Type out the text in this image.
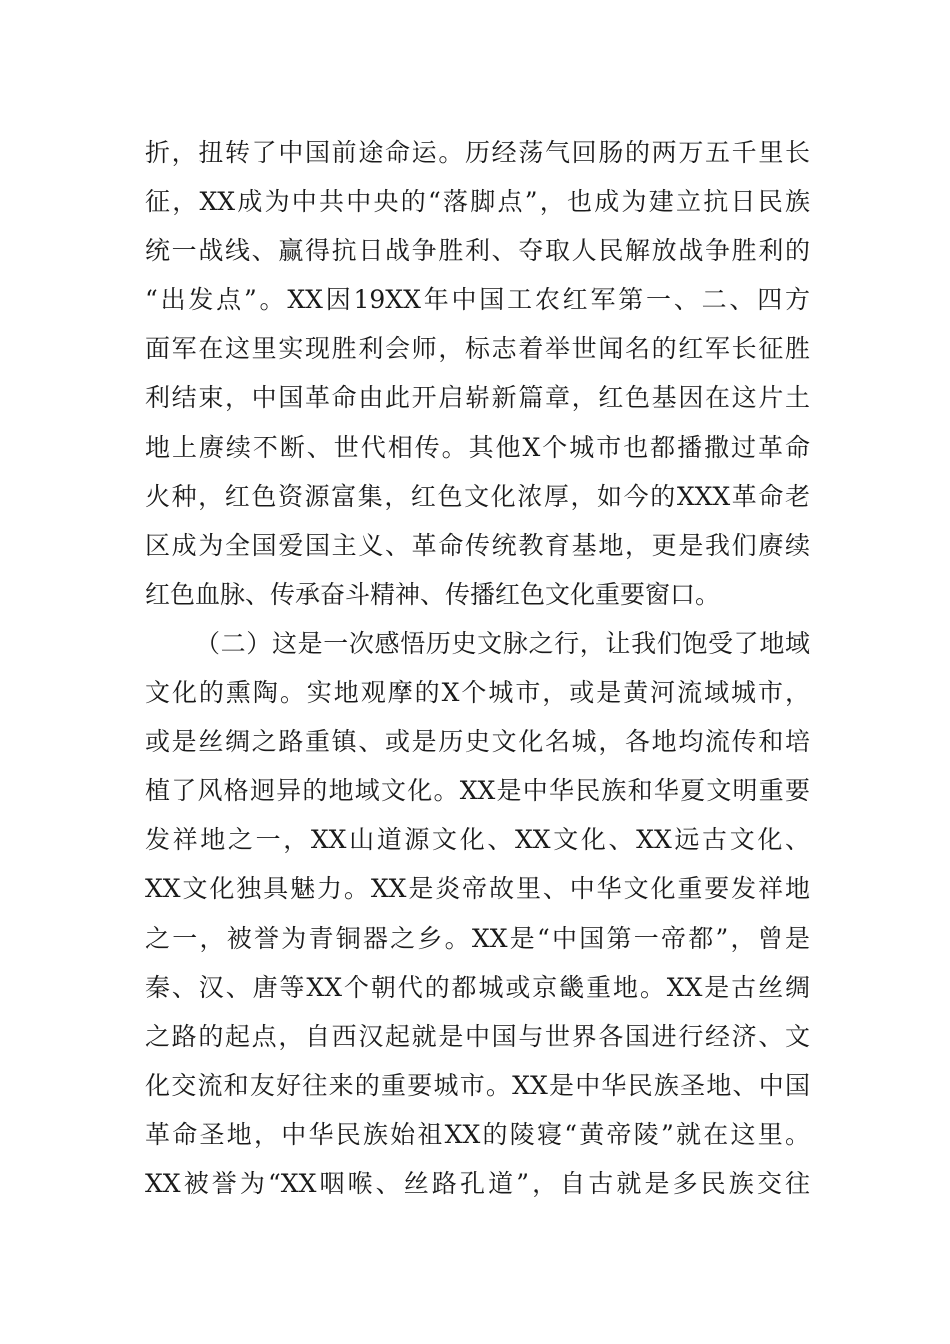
折，扭转了中国前途命运。历经荡气回肠的两万五千里长
征，XX成为中共中央的“落脚点”，也成为建立抗日民族
统一战线、赢得抗日战争胜利、夺取人民解放战争胜利的
“出发点”。XX因19XX年中国工农红军第一、二、四方
面军在这里实现胜利会师，标志着举世闻名的红军长征胜
利结束，中国革命由此开启崭新篇章，红色基因在这片土
地上赓续不断、世代相传。其他X个城市也都播撒过革命
火种，红色资源富集，红色文化浓厚，如今的XXX革命老
区成为全国爱国主义、革命传统教育基地，更是我们赓续
红色血脉、传承奋斗精神、传播红色文化重要窗口。
（二）这是一次感悟历史文脉之行，让我们饱受了地域
文化的熏陶。实地观摩的X个城市，或是黄河流域城市，
或是丝绸之路重镇、或是历史文化名城，各地均流传和培
植了风格迥异的地域文化。XX是中华民族和华夏文明重要
发祥地之一，XX山道源文化、XX文化、XX远古文化、
XX文化独具魅力。XX是炎帝故里、中华文化重要发祥地
之一，被誉为青铜器之乡。XX是“中国第一帝都”，曾是
秦、汉、唐等XX个朝代的都城或京畿重地。XX是古丝绸
之路的起点，自西汉起就是中国与世界各国进行经济、文
化交流和友好往来的重要城市。XX是中华民族圣地、中国
革命圣地，中华民族始祖XX的陵寝“黄帝陵”就在这里。
XX被誉为“XX咽喉、丝路孔道”，自古就是多民族交往
